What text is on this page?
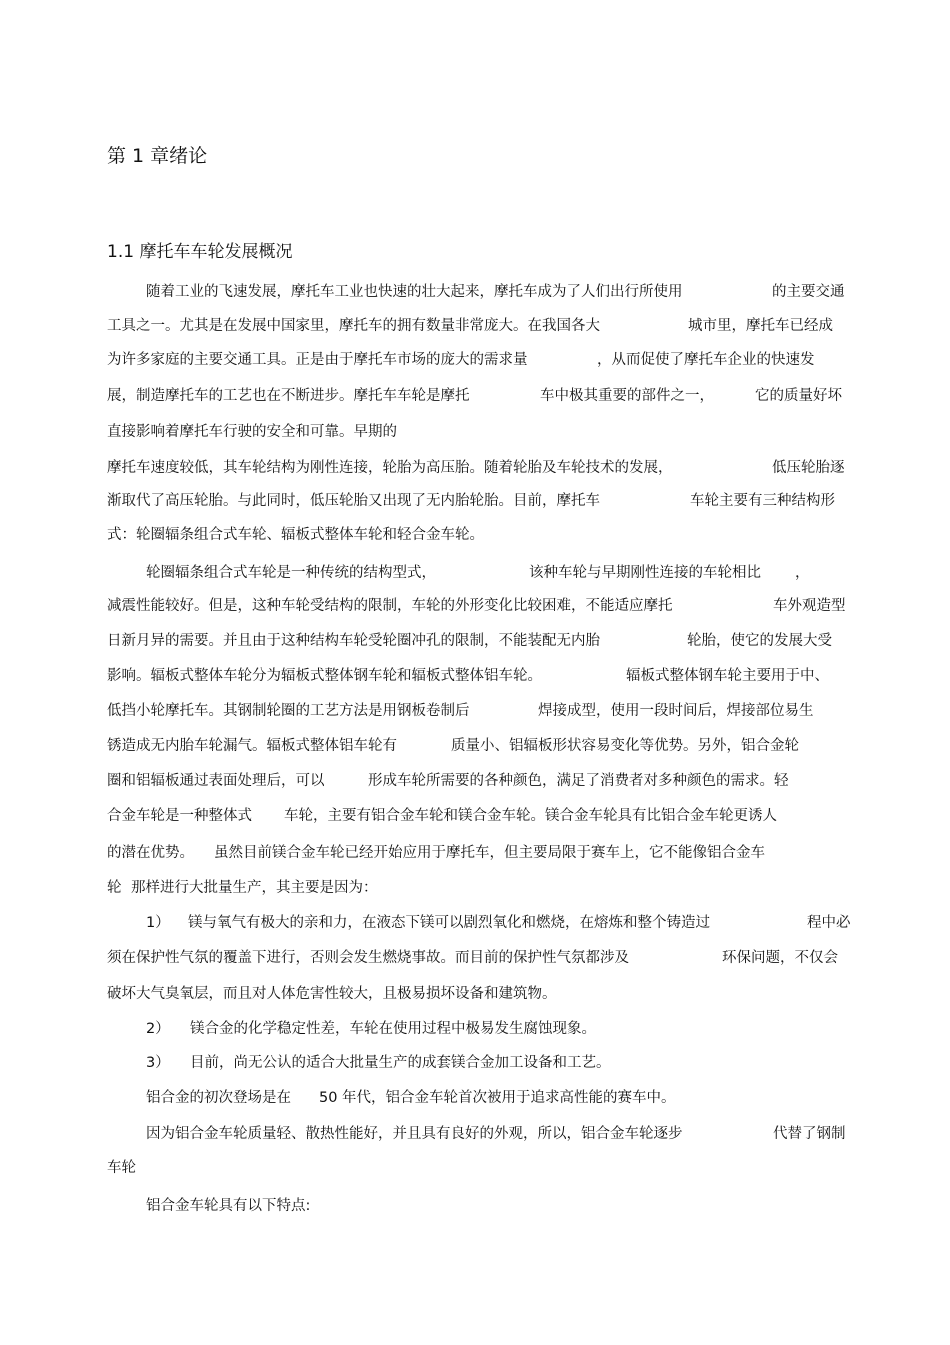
第 1 章绪论
1.1 摩托车车轮发展概况
随着工业的飞速发展，摩托车工业也快速的壮大起来，摩托车成为了人们出行所使用	的主要交通
工具之一。尤其是在发展中国家里，摩托车的拥有数量非常庞大。在我国各大	城市里，摩托车已经成
为许多家庭的主要交通工具。正是由于摩托车市场的庞大的需求量	，从而促使了摩托车企业的快速发
展，制造摩托车的工艺也在不断进步。摩托车车轮是摩托	车中极其重要的部件之一，	它的质量好坏
直接影响着摩托车行驶的安全和可靠。早期的
摩托车速度较低，其车轮结构为刚性连接，轮胎为高压胎。随着轮胎及车轮技术的发展，	低压轮胎逐
渐取代了高压轮胎。与此同时，低压轮胎又出现了无内胎轮胎。目前，摩托车	车轮主要有三种结构形
式：轮圈辐条组合式车轮、辐板式整体车轮和轻合金车轮。
轮圈辐条组合式车轮是一种传统的结构型式，	该种车轮与早期刚性连接的车轮相比 ，
减震性能较好。但是，这种车轮受结构的限制，车轮的外形变化比较困难，不能适应摩托	车外观造型
日新月异的需要。并且由于这种结构车轮受轮圈冲孔的限制，不能装配无内胎	轮胎，使它的发展大受
影响。辐板式整体车轮分为辐板式整体钢车轮和辐板式整体铝车轮。	辐板式整体钢车轮主要用于中、
低挡小轮摩托车。其钢制轮圈的工艺方法是用钢板卷制后	焊接成型，使用一段时间后，焊接部位易生
锈造成无内胎车轮漏气。辐板式整体铝车轮有	质量小、铝辐板形状容易变化等优势。另外，铝合金轮
圈和铝辐板通过表面处理后，可以	形成车轮所需要的各种颜色，满足了消费者对多种颜色的需求。轻
合金车轮是一种整体式 车轮，主要有铝合金车轮和镁合金车轮。镁合金车轮具有比铝合金车轮更诱人
的潜在优势。 虽然目前镁合金车轮已经开始应用于摩托车，但主要局限于赛车上，它不能像铝合金车
轮 那样进行大批量生产，其主要是因为：
1） 镁与氧气有极大的亲和力，在液态下镁可以剧烈氧化和燃烧，在熔炼和整个铸造过	程中必
须在保护性气氛的覆盖下进行，否则会发生燃烧事故。而目前的保护性气氛都涉及	环保问题，不仅会
破坏大气臭氧层，而且对人体危害性较大，且极易损坏设备和建筑物。
2） 镁合金的化学稳定性差，车轮在使用过程中极易发生腐蚀现象。
3） 目前，尚无公认的适合大批量生产的成套镁合金加工设备和工艺。
铝合金的初次登场是在 50 年代，铝合金车轮首次被用于追求高性能的赛车中。
因为铝合金车轮质量轻、散热性能好，并且具有良好的外观，所以，铝合金车轮逐步	代替了钢制
车轮
铝合金车轮具有以下特点:
